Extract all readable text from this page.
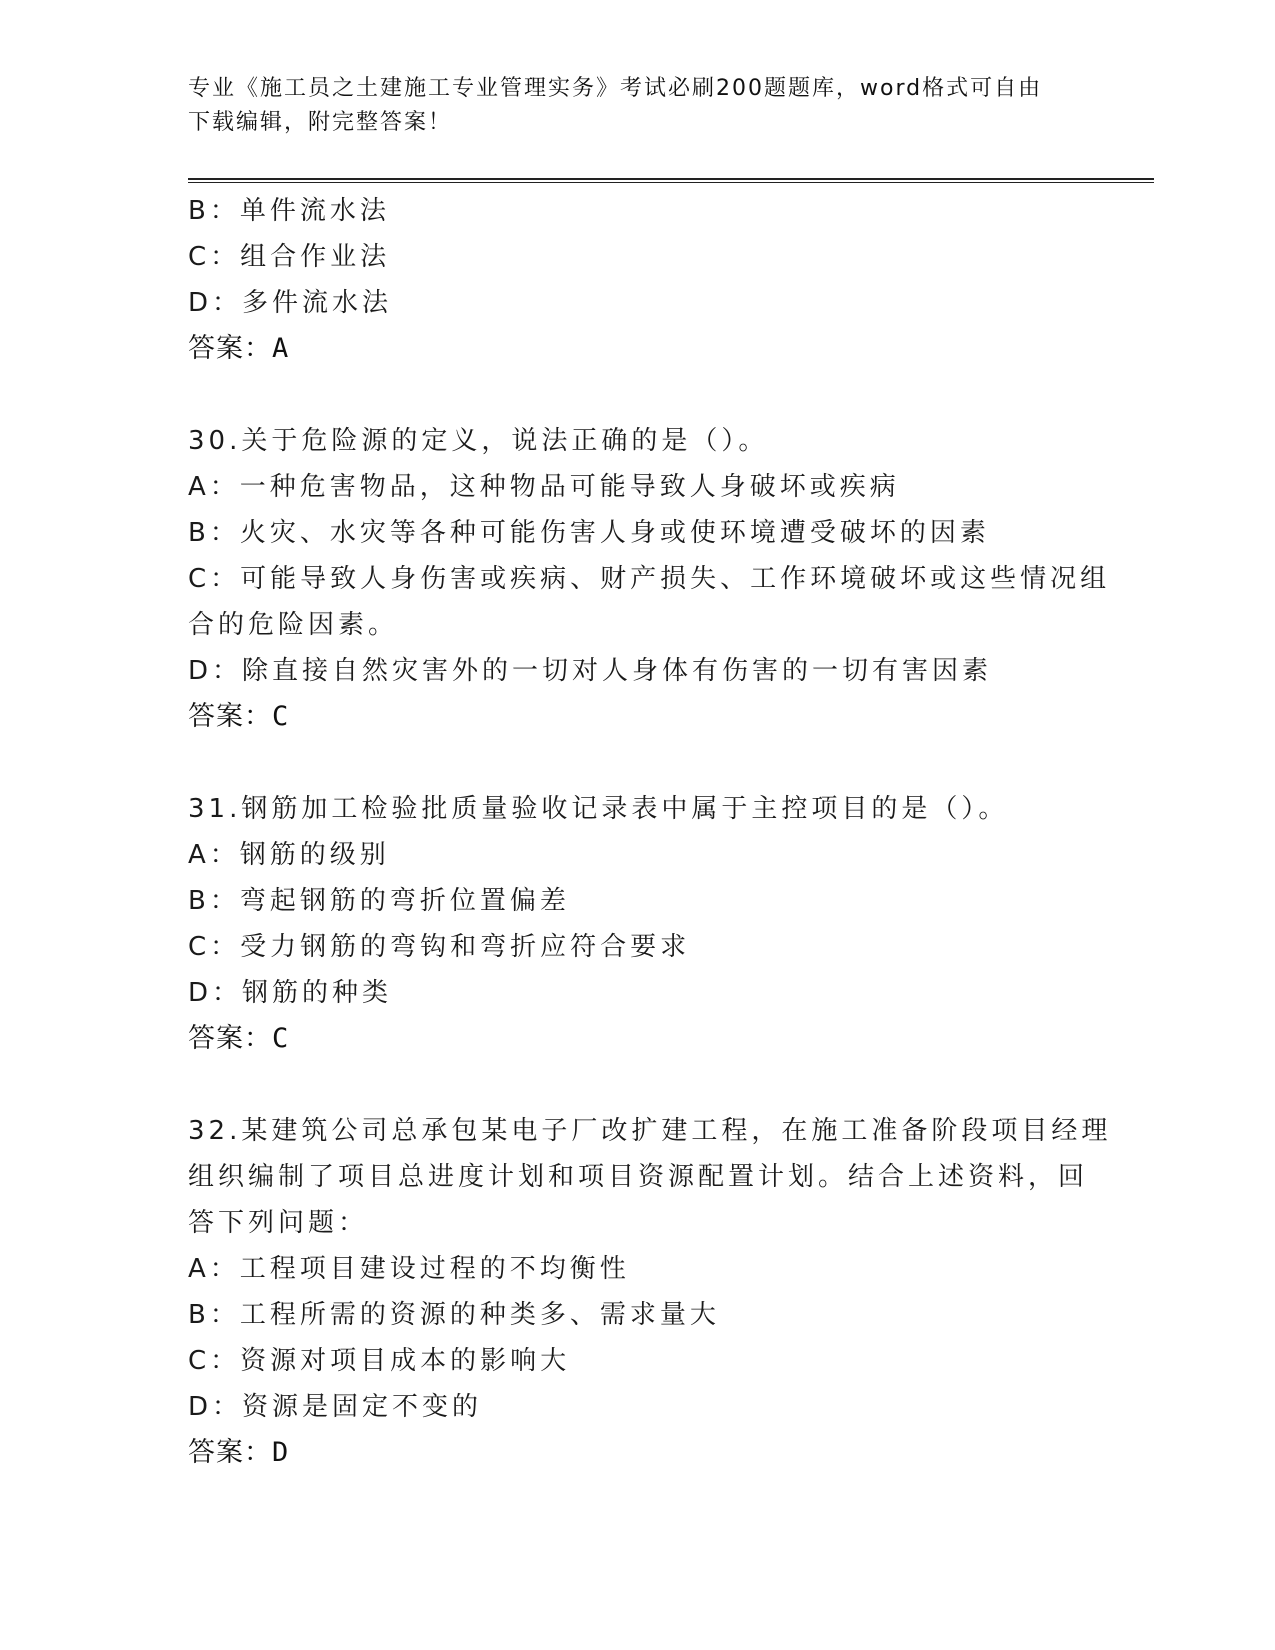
专业《施工员之土建施工专业管理实务》考试必刷200题题库，word格式可自由
下载编辑，附完整答案！
B：单件流水法
C：组合作业法
D：多件流水法
答案：A
30.关于危险源的定义，说法正确的是（）。
A：一种危害物品，这种物品可能导致人身破坏或疾病
B：火灾、水灾等各种可能伤害人身或使环境遭受破坏的因素
C：可能导致人身伤害或疾病、财产损失、工作环境破坏或这些情况组
合的危险因素。
D：除直接自然灾害外的一切对人身体有伤害的一切有害因素
答案：C
31.钢筋加工检验批质量验收记录表中属于主控项目的是（）。
A：钢筋的级别
B：弯起钢筋的弯折位置偏差
C：受力钢筋的弯钩和弯折应符合要求
D：钢筋的种类
答案：C
32.某建筑公司总承包某电子厂改扩建工程，在施工准备阶段项目经理
组织编制了项目总进度计划和项目资源配置计划。结合上述资料，回
答下列问题：
A：工程项目建设过程的不均衡性
B：工程所需的资源的种类多、需求量大
C：资源对项目成本的影响大
D：资源是固定不变的
答案：D
